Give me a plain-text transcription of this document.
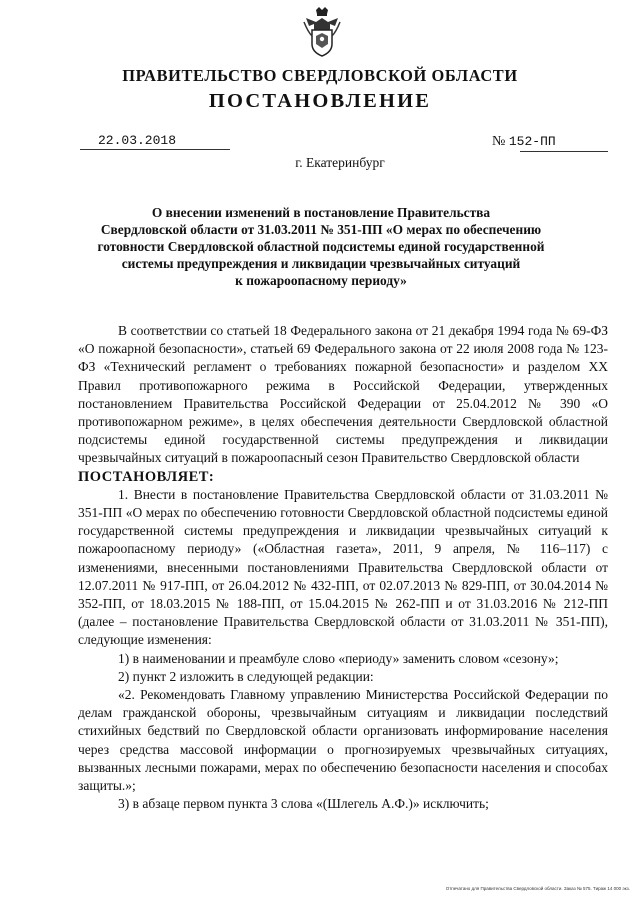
ПРАВИТЕЛЬСТВО СВЕРДЛОВСКОЙ ОБЛАСТИ
ПОСТАНОВЛЕНИЕ
22.03.2018	№ 152-ПП
г. Екатеринбург
О внесении изменений в постановление Правительства
Свердловской области от 31.03.2011 № 351-ПП «О мерах по обеспечению
готовности Свердловской областной подсистемы единой государственной
системы предупреждения и ликвидации чрезвычайных ситуаций
к пожароопасному периоду»

В соответствии со статьей 18 Федерального закона от 21 декабря 1994 года № 69-ФЗ «О пожарной безопасности», статьей 69 Федерального закона от 22 июля 2008 года № 123-ФЗ «Технический регламент о требованиях пожарной безопасности» и разделом XX Правил противопожарного режима в Российской Федерации, утвержденных постановлением Правительства Российской Федерации от 25.04.2012 № 390 «О противопожарном режиме», в целях обеспечения деятельности Свердловской областной подсистемы единой государственной системы предупреждения и ликвидации чрезвычайных ситуаций в пожароопасный сезон Правительство Свердловской области

ПОСТАНОВЛЯЕТ:

1. Внести в постановление Правительства Свердловской области от 31.03.2011 № 351-ПП «О мерах по обеспечению готовности Свердловской областной подсистемы единой государственной системы предупреждения и ликвидации чрезвычайных ситуаций к пожароопасному периоду» («Областная газета», 2011, 9 апреля, № 116–117) с изменениями, внесенными постановлениями Правительства Свердловской области от 12.07.2011 № 917-ПП, от 26.04.2012 № 432-ПП, от 02.07.2013 № 829-ПП, от 30.04.2014 № 352-ПП, от 18.03.2015 № 188-ПП, от 15.04.2015 № 262-ПП и от 31.03.2016 № 212-ПП (далее – постановление Правительства Свердловской области от 31.03.2011 № 351-ПП), следующие изменения:

1) в наименовании и преамбуле слово «периоду» заменить словом «сезону»;

2) пункт 2 изложить в следующей редакции:

«2. Рекомендовать Главному управлению Министерства Российской Федерации по делам гражданской обороны, чрезвычайным ситуациям и ликвидации последствий стихийных бедствий по Свердловской области организовать информирование населения через средства массовой информации о прогнозируемых чрезвычайных ситуациях, вызванных лесными пожарами, мерах по обеспечению безопасности населения и способах защиты.»;

3) в абзаце первом пункта 3 слова «(Шлегель А.Ф.)» исключить;

Отпечатано для Правительства Свердловской области. Заказ № 575. Тираж 14 000 экз.
